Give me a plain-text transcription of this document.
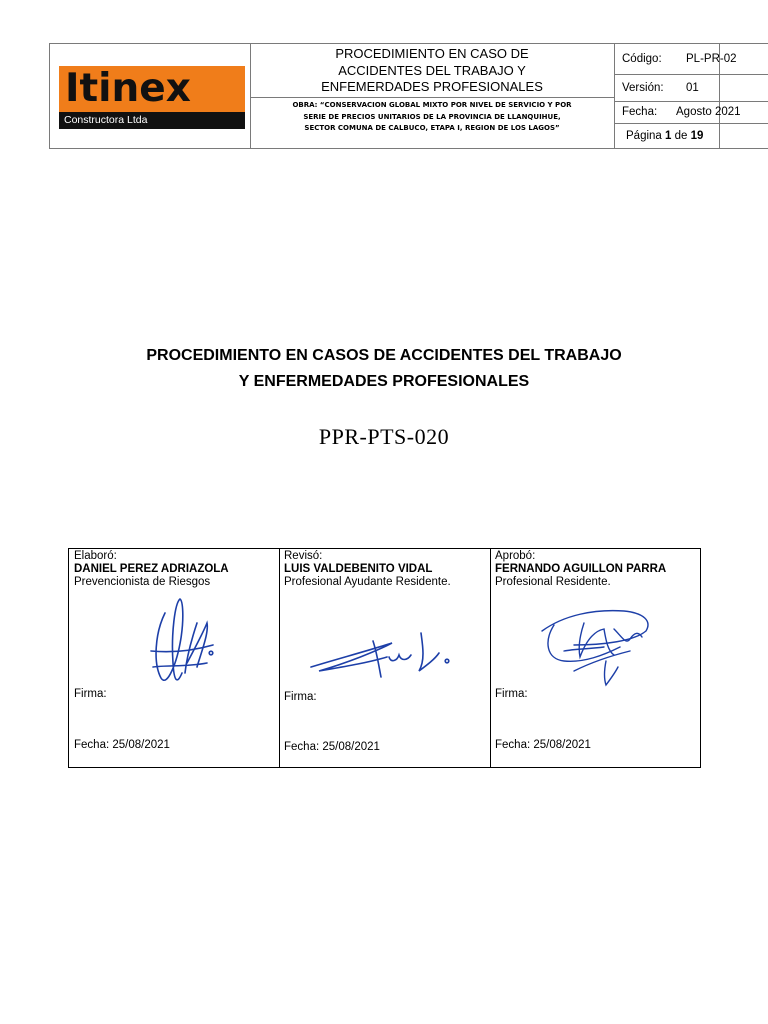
Itinex
Constructora Ltda
PROCEDIMIENTO EN CASO DE
ACCIDENTES DEL TRABAJO Y
ENFEMERDADES PROFESIONALES
OBRA: “CONSERVACION GLOBAL MIXTO POR NIVEL DE SERVICIO Y POR
SERIE DE PRECIOS UNITARIOS DE LA PROVINCIA DE LLANQUIHUE,
SECTOR COMUNA DE CALBUCO, ETAPA I, REGION DE LOS LAGOS”
Código: PL-PR-02
Versión: 01
Fecha: Agosto 2021
Página 1 de 19
PROCEDIMIENTO EN CASOS DE ACCIDENTES DEL TRABAJO
Y ENFERMEDADES PROFESIONALES
PPR-PTS-020
Elaboró:
DANIEL PEREZ ADRIAZOLA
Prevencionista de Riesgos
Firma:
Fecha: 25/08/2021
Revisó:
LUIS VALDEBENITO VIDAL
Profesional Ayudante Residente.
Firma:
Fecha: 25/08/2021
Aprobó:
FERNANDO AGUILLON PARRA
Profesional Residente.
Firma:
Fecha: 25/08/2021
